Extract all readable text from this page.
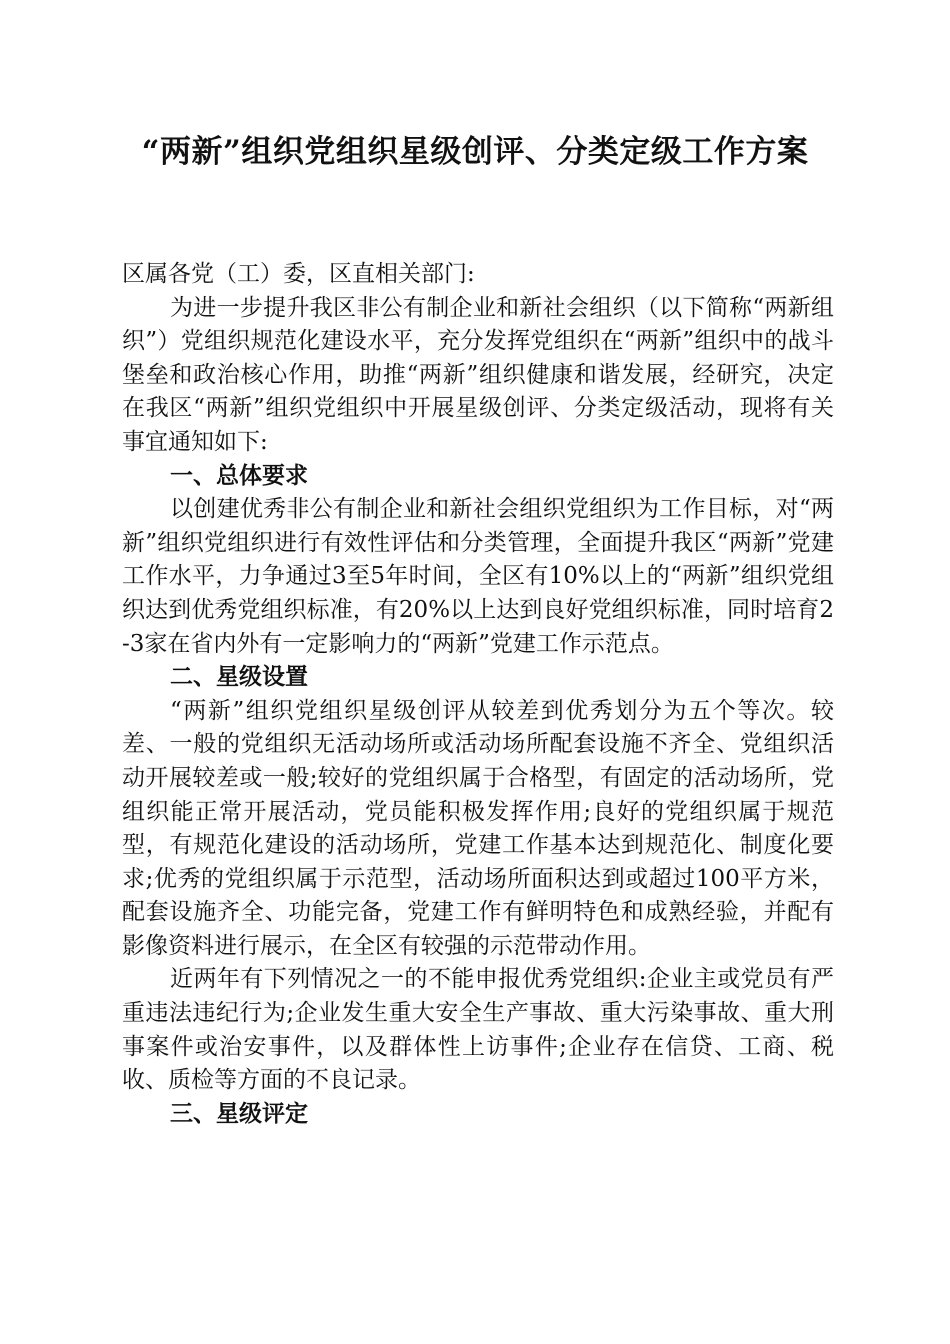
“两新”组织党组织星级创评、分类定级工作方案

区属各党（工）委，区直相关部门:

为进一步提升我区非公有制企业和新社会组织（以下简称“两新组织”）党组织规范化建设水平，充分发挥党组织在“两新”组织中的战斗堡垒和政治核心作用，助推“两新”组织健康和谐发展，经研究，决定在我区“两新”组织党组织中开展星级创评、分类定级活动，现将有关事宜通知如下:

一、总体要求

以创建优秀非公有制企业和新社会组织党组织为工作目标，对“两新”组织党组织进行有效性评估和分类管理，全面提升我区“两新”党建工作水平，力争通过3至5年时间，全区有10%以上的“两新”组织党组织达到优秀党组织标准，有20%以上达到良好党组织标准，同时培育2-3家在省内外有一定影响力的“两新”党建工作示范点。

二、星级设置

“两新”组织党组织星级创评从较差到优秀划分为五个等次。较差、一般的党组织无活动场所或活动场所配套设施不齐全、党组织活动开展较差或一般;较好的党组织属于合格型，有固定的活动场所，党组织能正常开展活动，党员能积极发挥作用;良好的党组织属于规范型，有规范化建设的活动场所，党建工作基本达到规范化、制度化要求;优秀的党组织属于示范型，活动场所面积达到或超过100平方米，配套设施齐全、功能完备，党建工作有鲜明特色和成熟经验，并配有影像资料进行展示，在全区有较强的示范带动作用。

近两年有下列情况之一的不能申报优秀党组织:企业主或党员有严重违法违纪行为;企业发生重大安全生产事故、重大污染事故、重大刑事案件或治安事件，以及群体性上访事件;企业存在信贷、工商、税收、质检等方面的不良记录。

三、星级评定
